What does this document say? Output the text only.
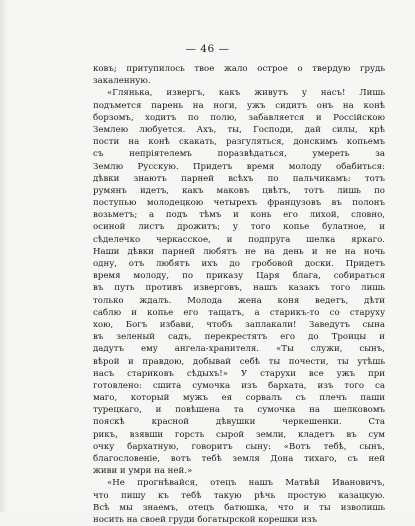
— 46 —
ковъ; притупилось твое жало острое о твердую грудь
закаленную.
«Глянька, извергъ, какъ живутъ у насъ! Лишь
подъмется парень на ноги, ужъ сидитъ онъ на конѣ
борзомъ, ходитъ по полю, забавляется и Россійскою
Землею любуется. Ахъ, ты, Господи, дай силы, крѣ
пости на конѣ скакать, разгуляться, донскимъ копьемъ
съ непріятелемъ поразвѣдаться, умереть за
Землю Русскую. Придетъ время молоду обабиться:
дѣвки знаютъ парней всѣхъ по пальчикамъ: тотъ
румянъ идетъ, какъ маковъ цвѣтъ, тотъ лишь по
поступью молодецкою четырехъ французовъ въ полонъ
возьметъ; а подъ тѣмъ и конь его лихой, словно,
осиной листъ дрожитъ; у того копье булатное, и
сѣделечко черкасское, и подпруга шелка яркаго.
Наши дѣвки парней любятъ не на день и не на ночь
одну, отъ любятъ ихъ до гробовой доски. Придетъ
время молоду, по приказу Царя блага, собираться
въ путь противъ изверговъ, нашъ казакъ того лишь
только ждалъ. Молода жена коня ведетъ, дѣти
саблю и копье его тащатъ, а старикъ-то со старуху
хою, Богъ избави, чтобъ заплакали! Заведутъ сына
въ зеленый садъ, перекрестятъ его до Троицы и
дадутъ ему ангела-хранителя. «Ты служи, сынъ,
вѣрой и правдою, добывай себѣ ты почести, ты утѣшь
насъ стариковъ сѣдыхъ!» У старухи все ужъ при
готовлено: сшита сумочка изъ бархата, изъ того са
маго, который мужъ ея сорвалъ съ плечъ паши
турецкаго, и повѣшена та сумочка на шелковомъ
пояскѣ красной дѣвушки черкешенки. Ста
рикъ, взявши горсть сырой земли, кладетъ въ сум
очку бархатную, говоритъ сыну: «Вотъ тебѣ, сынъ,
благословеніе, вотъ тебѣ земля Дона тихаго, съ ней
живи и умри на ней.»
«Не прогнѣвайся, отецъ нашъ Матвѣй Ивановичъ,
что пишу къ тебѣ такую рѣчь простую казацкую.
Всѣ мы знаемъ, отецъ батюшка, что и ты изволишь
носить на своей груди богатырской корешки изъ
